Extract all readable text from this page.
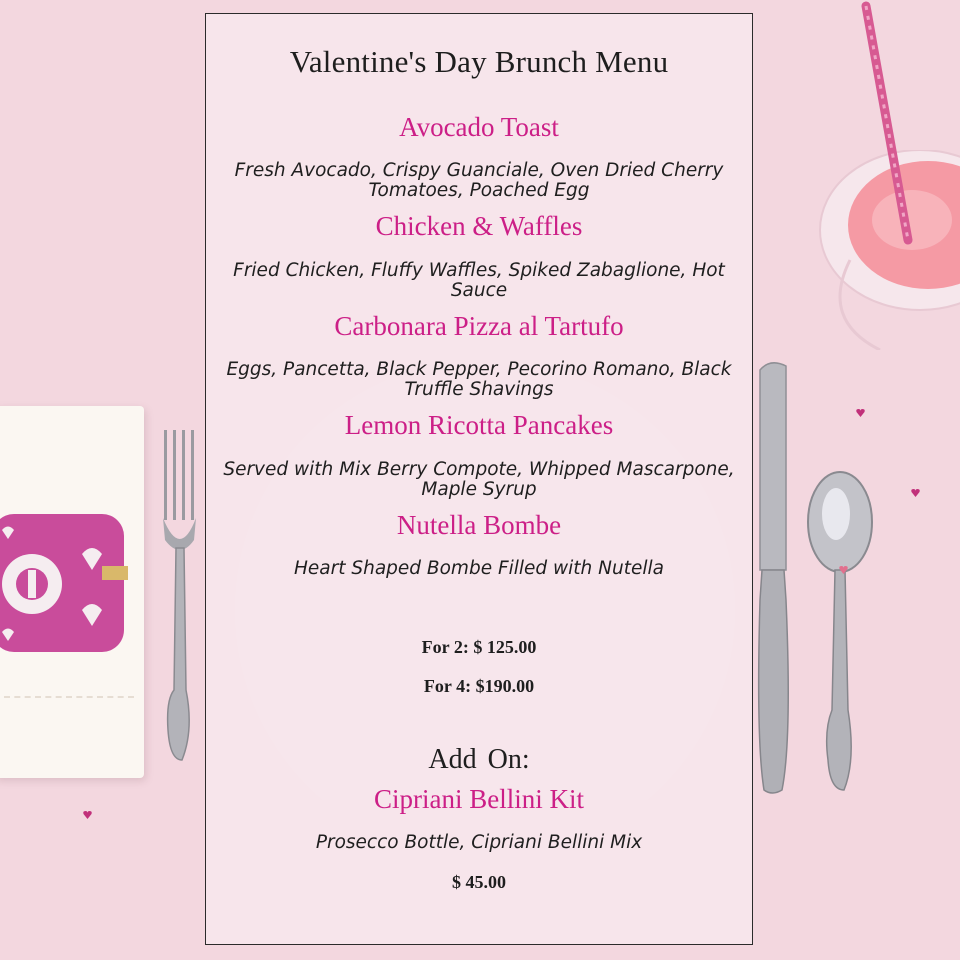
Valentine's Day Brunch Menu
Avocado Toast
Fresh Avocado, Crispy Guanciale, Oven Dried Cherry Tomatoes, Poached Egg
Chicken & Waffles
Fried Chicken, Fluffy Waffles, Spiked Zabaglione, Hot Sauce
Carbonara Pizza al Tartufo
Eggs, Pancetta, Black Pepper, Pecorino Romano, Black Truffle Shavings
Lemon Ricotta Pancakes
Served with Mix Berry Compote, Whipped Mascarpone, Maple Syrup
Nutella Bombe
Heart Shaped Bombe Filled with Nutella
For 2: $ 125.00
For 4: $190.00
Add On:
Cipriani Bellini Kit
Prosecco Bottle, Cipriani Bellini Mix
$ 45.00
